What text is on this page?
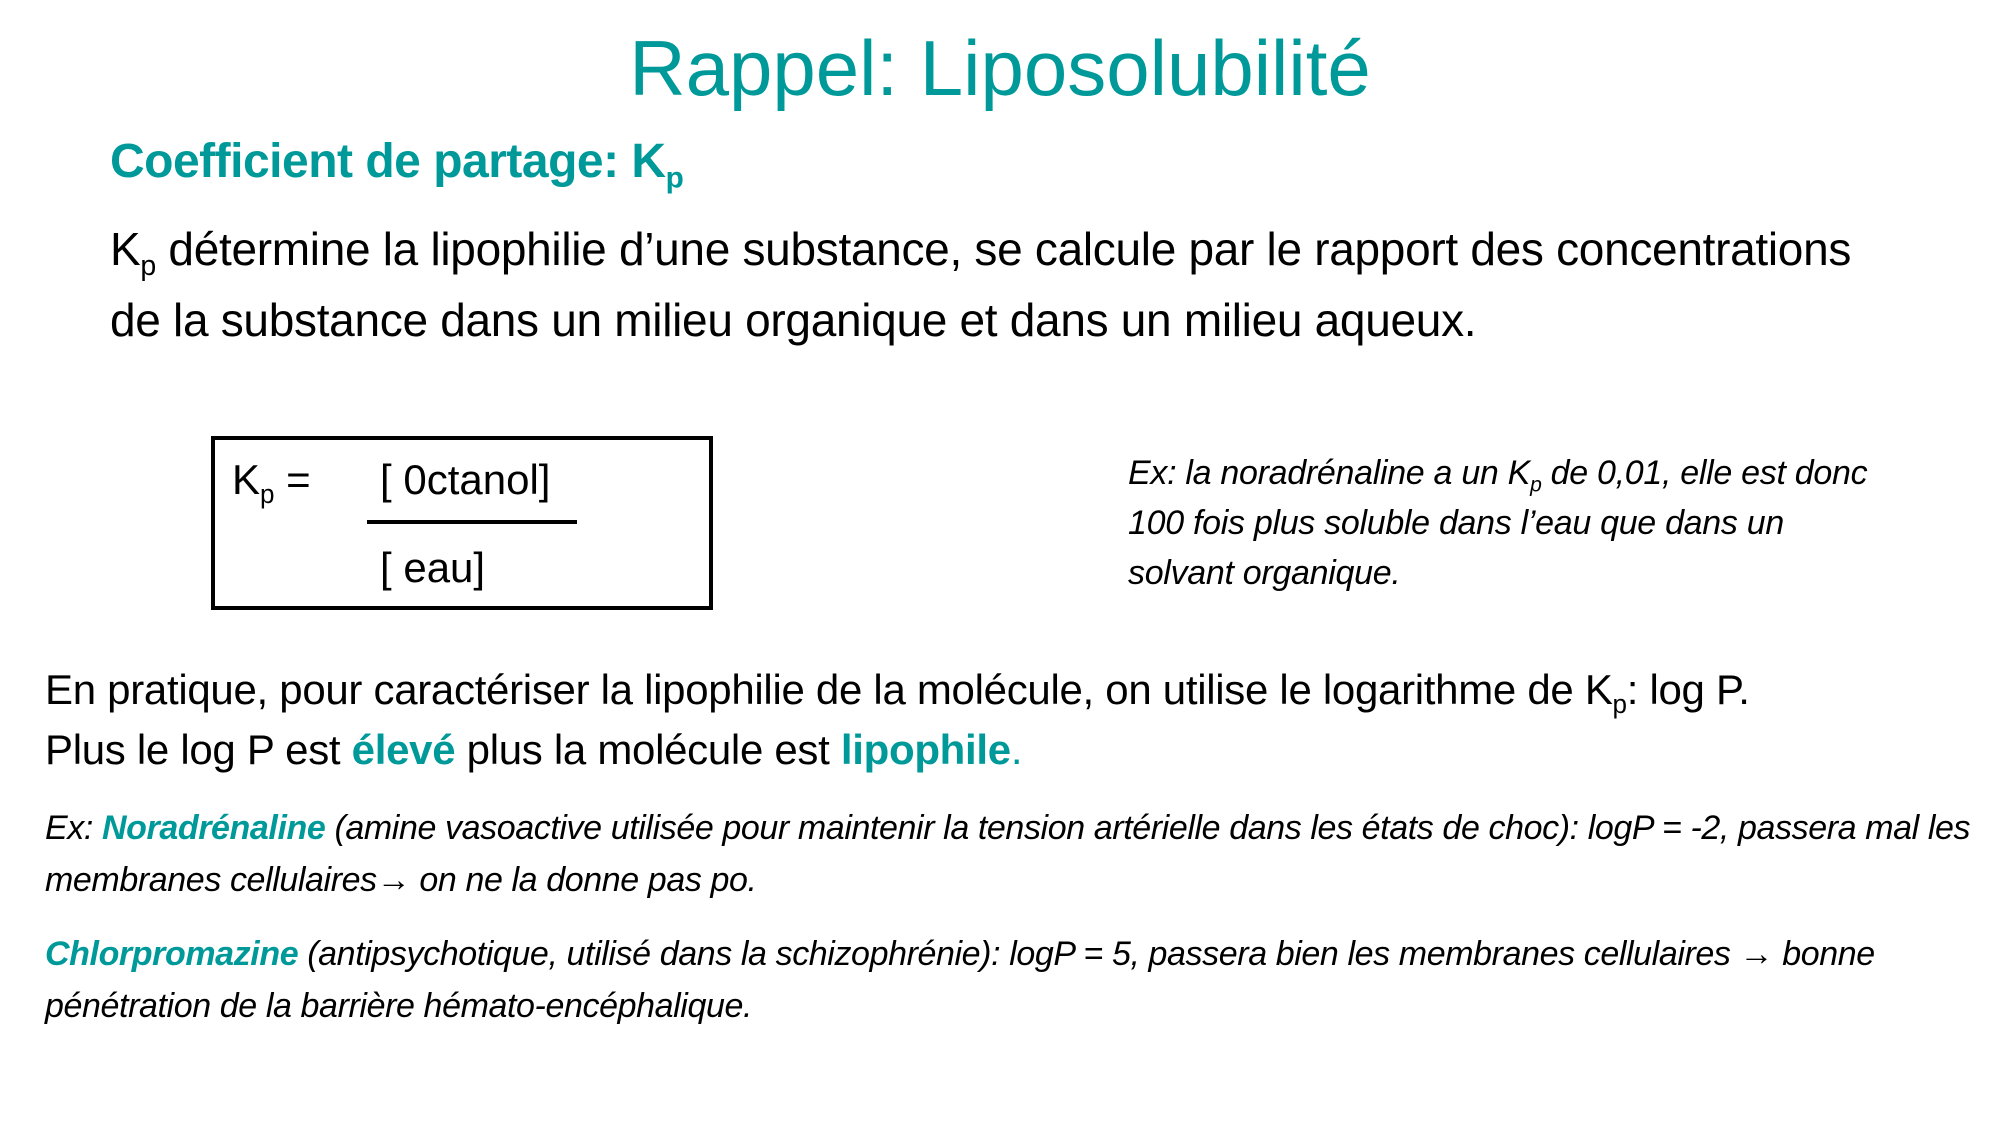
Rappel: Liposolubilité
Coefficient de partage: $K_p$

$K_p$ détermine la lipophilie d’une substance, se calcule par le rapport des concentrations de la substance dans un milieu organique et dans un milieu aqueux.

$K_p$ = [ 0ctanol]
[ eau]

Ex: la noradrénaline a un $K_p$ de 0,01, elle est donc 100 fois plus soluble dans l’eau que dans un solvant organique.

En pratique, pour caractériser la lipophilie de la molécule, on utilise le logarithme de $K_p$: log P.
Plus le log P est élevé plus la molécule est lipophile.

Ex: Noradrénaline (amine vasoactive utilisée pour maintenir la tension artérielle dans les états de choc): logP = -2, passera mal les membranes cellulaires→ on ne la donne pas po.

Chlorpromazine (antipsychotique, utilisé dans la schizophrénie): logP = 5, passera bien les membranes cellulaires → bonne pénétration de la barrière hémato-encéphalique.
